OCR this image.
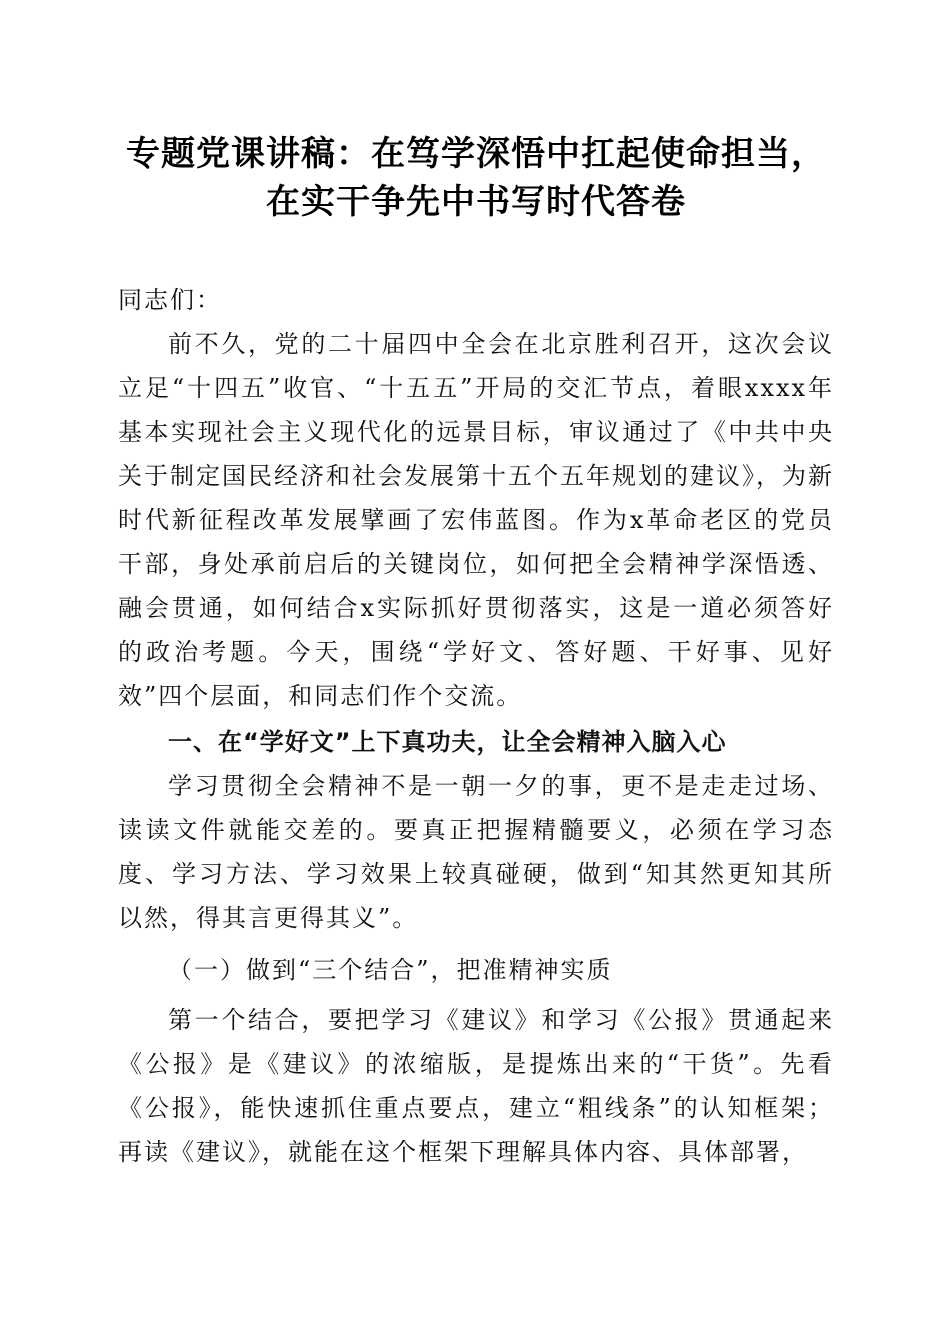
专题党课讲稿：在笃学深悟中扛起使命担当，
在实干争先中书写时代答卷
同志们：

前不久，党的二十届四中全会在北京胜利召开，这次会议立足“十四五”收官、“十五五”开局的交汇节点，着眼xxxx年基本实现社会主义现代化的远景目标，审议通过了《中共中央关于制定国民经济和社会发展第十五个五年规划的建议》，为新时代新征程改革发展擘画了宏伟蓝图。作为x革命老区的党员干部，身处承前启后的关键岗位，如何把全会精神学深悟透、融会贯通，如何结合x实际抓好贯彻落实，这是一道必须答好的政治考题。今天，围绕“学好文、答好题、干好事、见好效”四个层面，和同志们作个交流。

一、在“学好文”上下真功夫，让全会精神入脑入心

学习贯彻全会精神不是一朝一夕的事，更不是走走过场、读读文件就能交差的。要真正把握精髓要义，必须在学习态度、学习方法、学习效果上较真碰硬，做到“知其然更知其所以然，得其言更得其义”。

（一）做到“三个结合”，把准精神实质

第一个结合，要把学习《建议》和学习《公报》贯通起来《公报》是《建议》的浓缩版，是提炼出来的“干货”。先看《公报》，能快速抓住重点要点，建立“粗线条”的认知框架；再读《建议》，就能在这个框架下理解具体内容、具体部署，
